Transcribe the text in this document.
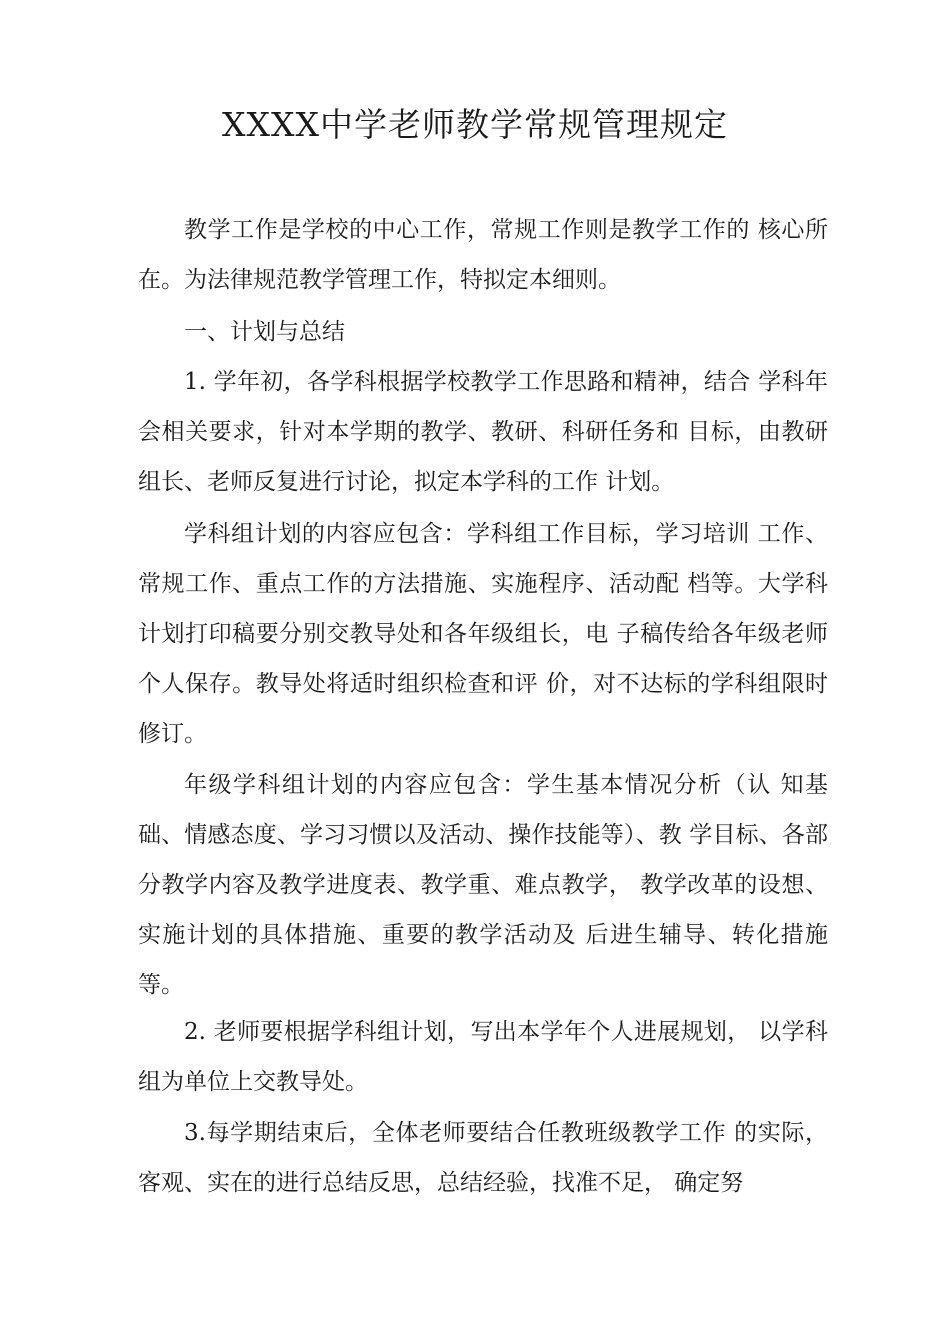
XXXX中学老师教学常规管理规定

教学工作是学校的中心工作，常规工作则是教学工作的 核心所在。为法律规范教学管理工作，特拟定本细则。

一、计划与总结

1. 学年初，各学科根据学校教学工作思路和精神，结合 学科年会相关要求，针对本学期的教学、教研、科研任务和 目标，由教研组长、老师反复进行讨论，拟定本学科的工作 计划。

学科组计划的内容应包含：学科组工作目标，学习培训 工作、常规工作、重点工作的方法措施、实施程序、活动配 档等。大学科计划打印稿要分别交教导处和各年级组长，电 子稿传给各年级老师个人保存。教导处将适时组织检查和评 价，对不达标的学科组限时修订。

年级学科组计划的内容应包含：学生基本情况分析（认 知基础、情感态度、学习习惯以及活动、操作技能等）、教 学目标、各部分教学内容及教学进度表、教学重、难点教学， 教学改革的设想、实施计划的具体措施、重要的教学活动及 后进生辅导、转化措施等。

2. 老师要根据学科组计划，写出本学年个人进展规划， 以学科组为单位上交教导处。

3.每学期结束后，全体老师要结合任教班级教学工作 的实际，客观、实在的进行总结反思，总结经验，找准不足， 确定努
